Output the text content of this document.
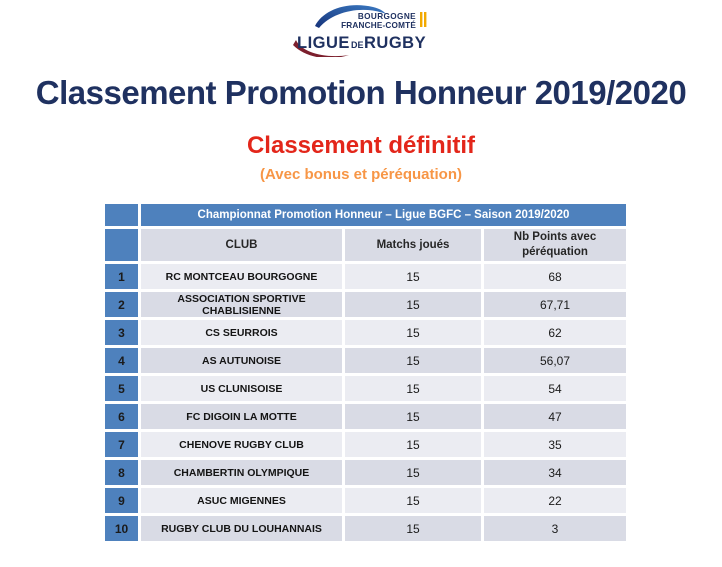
BOURGOGNE
FRANCHE-COMTÉ
LIGUE DE RUGBY
Classement Promotion Honneur 2019/2020
Classement définitif
(Avec bonus et péréquation)
	Championnat Promotion Honneur – Ligue BGFC – Saison 2019/2020		
	CLUB	Matchs joués	Nb Points avec péréquation
1	RC MONTCEAU BOURGOGNE	15	68
2	ASSOCIATION SPORTIVE CHABLISIENNE	15	67,71
3	CS SEURROIS	15	62
4	AS AUTUNOISE	15	56,07
5	US CLUNISOISE	15	54
6	FC DIGOIN LA MOTTE	15	47
7	CHENOVE RUGBY CLUB	15	35
8	CHAMBERTIN OLYMPIQUE	15	34
9	ASUC MIGENNES	15	22
10	RUGBY CLUB DU LOUHANNAIS	15	3
